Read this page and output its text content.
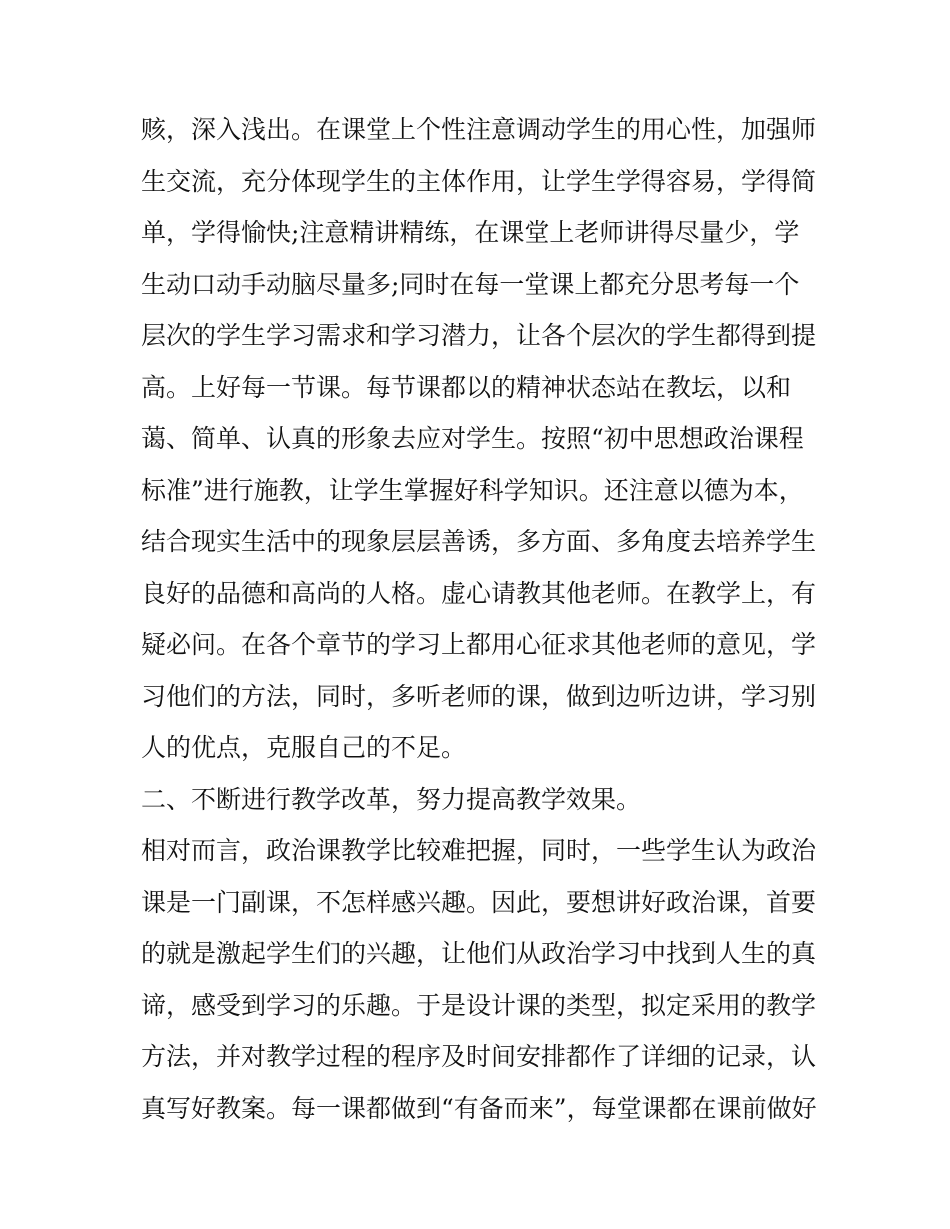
赅，深入浅出。在课堂上个性注意调动学生的用心性，加强师
生交流，充分体现学生的主体作用，让学生学得容易，学得简
单，学得愉快;注意精讲精练，在课堂上老师讲得尽量少，学
生动口动手动脑尽量多;同时在每一堂课上都充分思考每一个
层次的学生学习需求和学习潜力，让各个层次的学生都得到提
高。上好每一节课。每节课都以的精神状态站在教坛，以和
蔼、简单、认真的形象去应对学生。按照“初中思想政治课程
标准”进行施教，让学生掌握好科学知识。还注意以德为本，
结合现实生活中的现象层层善诱，多方面、多角度去培养学生
良好的品德和高尚的人格。虚心请教其他老师。在教学上，有
疑必问。在各个章节的学习上都用心征求其他老师的意见，学
习他们的方法，同时，多听老师的课，做到边听边讲，学习别
人的优点，克服自己的不足。
二、不断进行教学改革，努力提高教学效果。
相对而言，政治课教学比较难把握，同时，一些学生认为政治
课是一门副课，不怎样感兴趣。因此，要想讲好政治课，首要
的就是激起学生们的兴趣，让他们从政治学习中找到人生的真
谛，感受到学习的乐趣。于是设计课的类型，拟定采用的教学
方法，并对教学过程的程序及时间安排都作了详细的记录，认
真写好教案。每一课都做到“有备而来”，每堂课都在课前做好
